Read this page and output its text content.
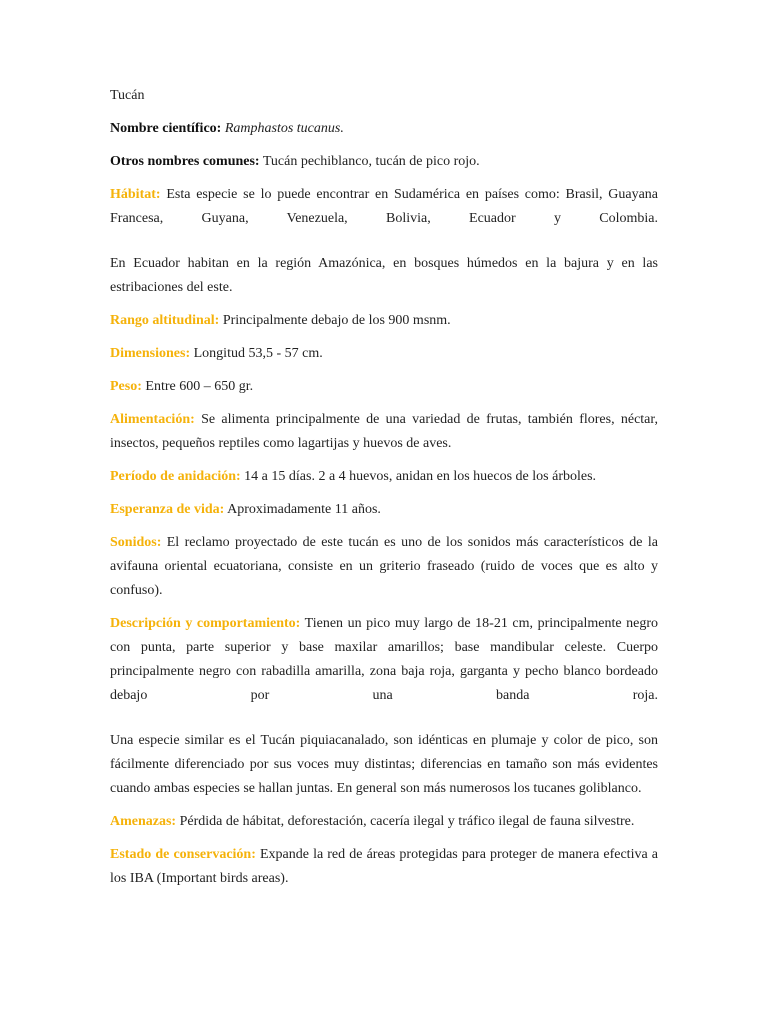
Tucán

Nombre científico: Ramphastos tucanus.

Otros nombres comunes: Tucán pechiblanco, tucán de pico rojo.

Hábitat: Esta especie se lo puede encontrar en Sudamérica en países como: Brasil, Guayana Francesa, Guyana, Venezuela, Bolivia, Ecuador y Colombia.

En Ecuador habitan en la región Amazónica, en bosques húmedos en la bajura y en las estribaciones del este.

Rango altitudinal: Principalmente debajo de los 900 msnm.

Dimensiones: Longitud 53,5 - 57 cm.

Peso: Entre 600 – 650 gr.

Alimentación: Se alimenta principalmente de una variedad de frutas, también flores, néctar, insectos, pequeños reptiles como lagartijas y huevos de aves.

Período de anidación: 14 a 15 días. 2 a 4 huevos, anidan en los huecos de los árboles.

Esperanza de vida: Aproximadamente 11 años.

Sonidos: El reclamo proyectado de este tucán es uno de los sonidos más característicos de la avifauna oriental ecuatoriana, consiste en un griterio fraseado (ruido de voces que es alto y confuso).

Descripción y comportamiento: Tienen un pico muy largo de 18-21 cm, principalmente negro con punta, parte superior y base maxilar amarillos; base mandibular celeste. Cuerpo principalmente negro con rabadilla amarilla, zona baja roja, garganta y pecho blanco bordeado debajo por una banda roja.

Una especie similar es el Tucán piquiacanalado, son idénticas en plumaje y color de pico, son fácilmente diferenciado por sus voces muy distintas; diferencias en tamaño son más evidentes cuando ambas especies se hallan juntas. En general son más numerosos los tucanes goliblanco.

Amenazas: Pérdida de hábitat, deforestación, cacería ilegal y tráfico ilegal de fauna silvestre.

Estado de conservación: Expande la red de áreas protegidas para proteger de manera efectiva a los IBA (Important birds areas).
